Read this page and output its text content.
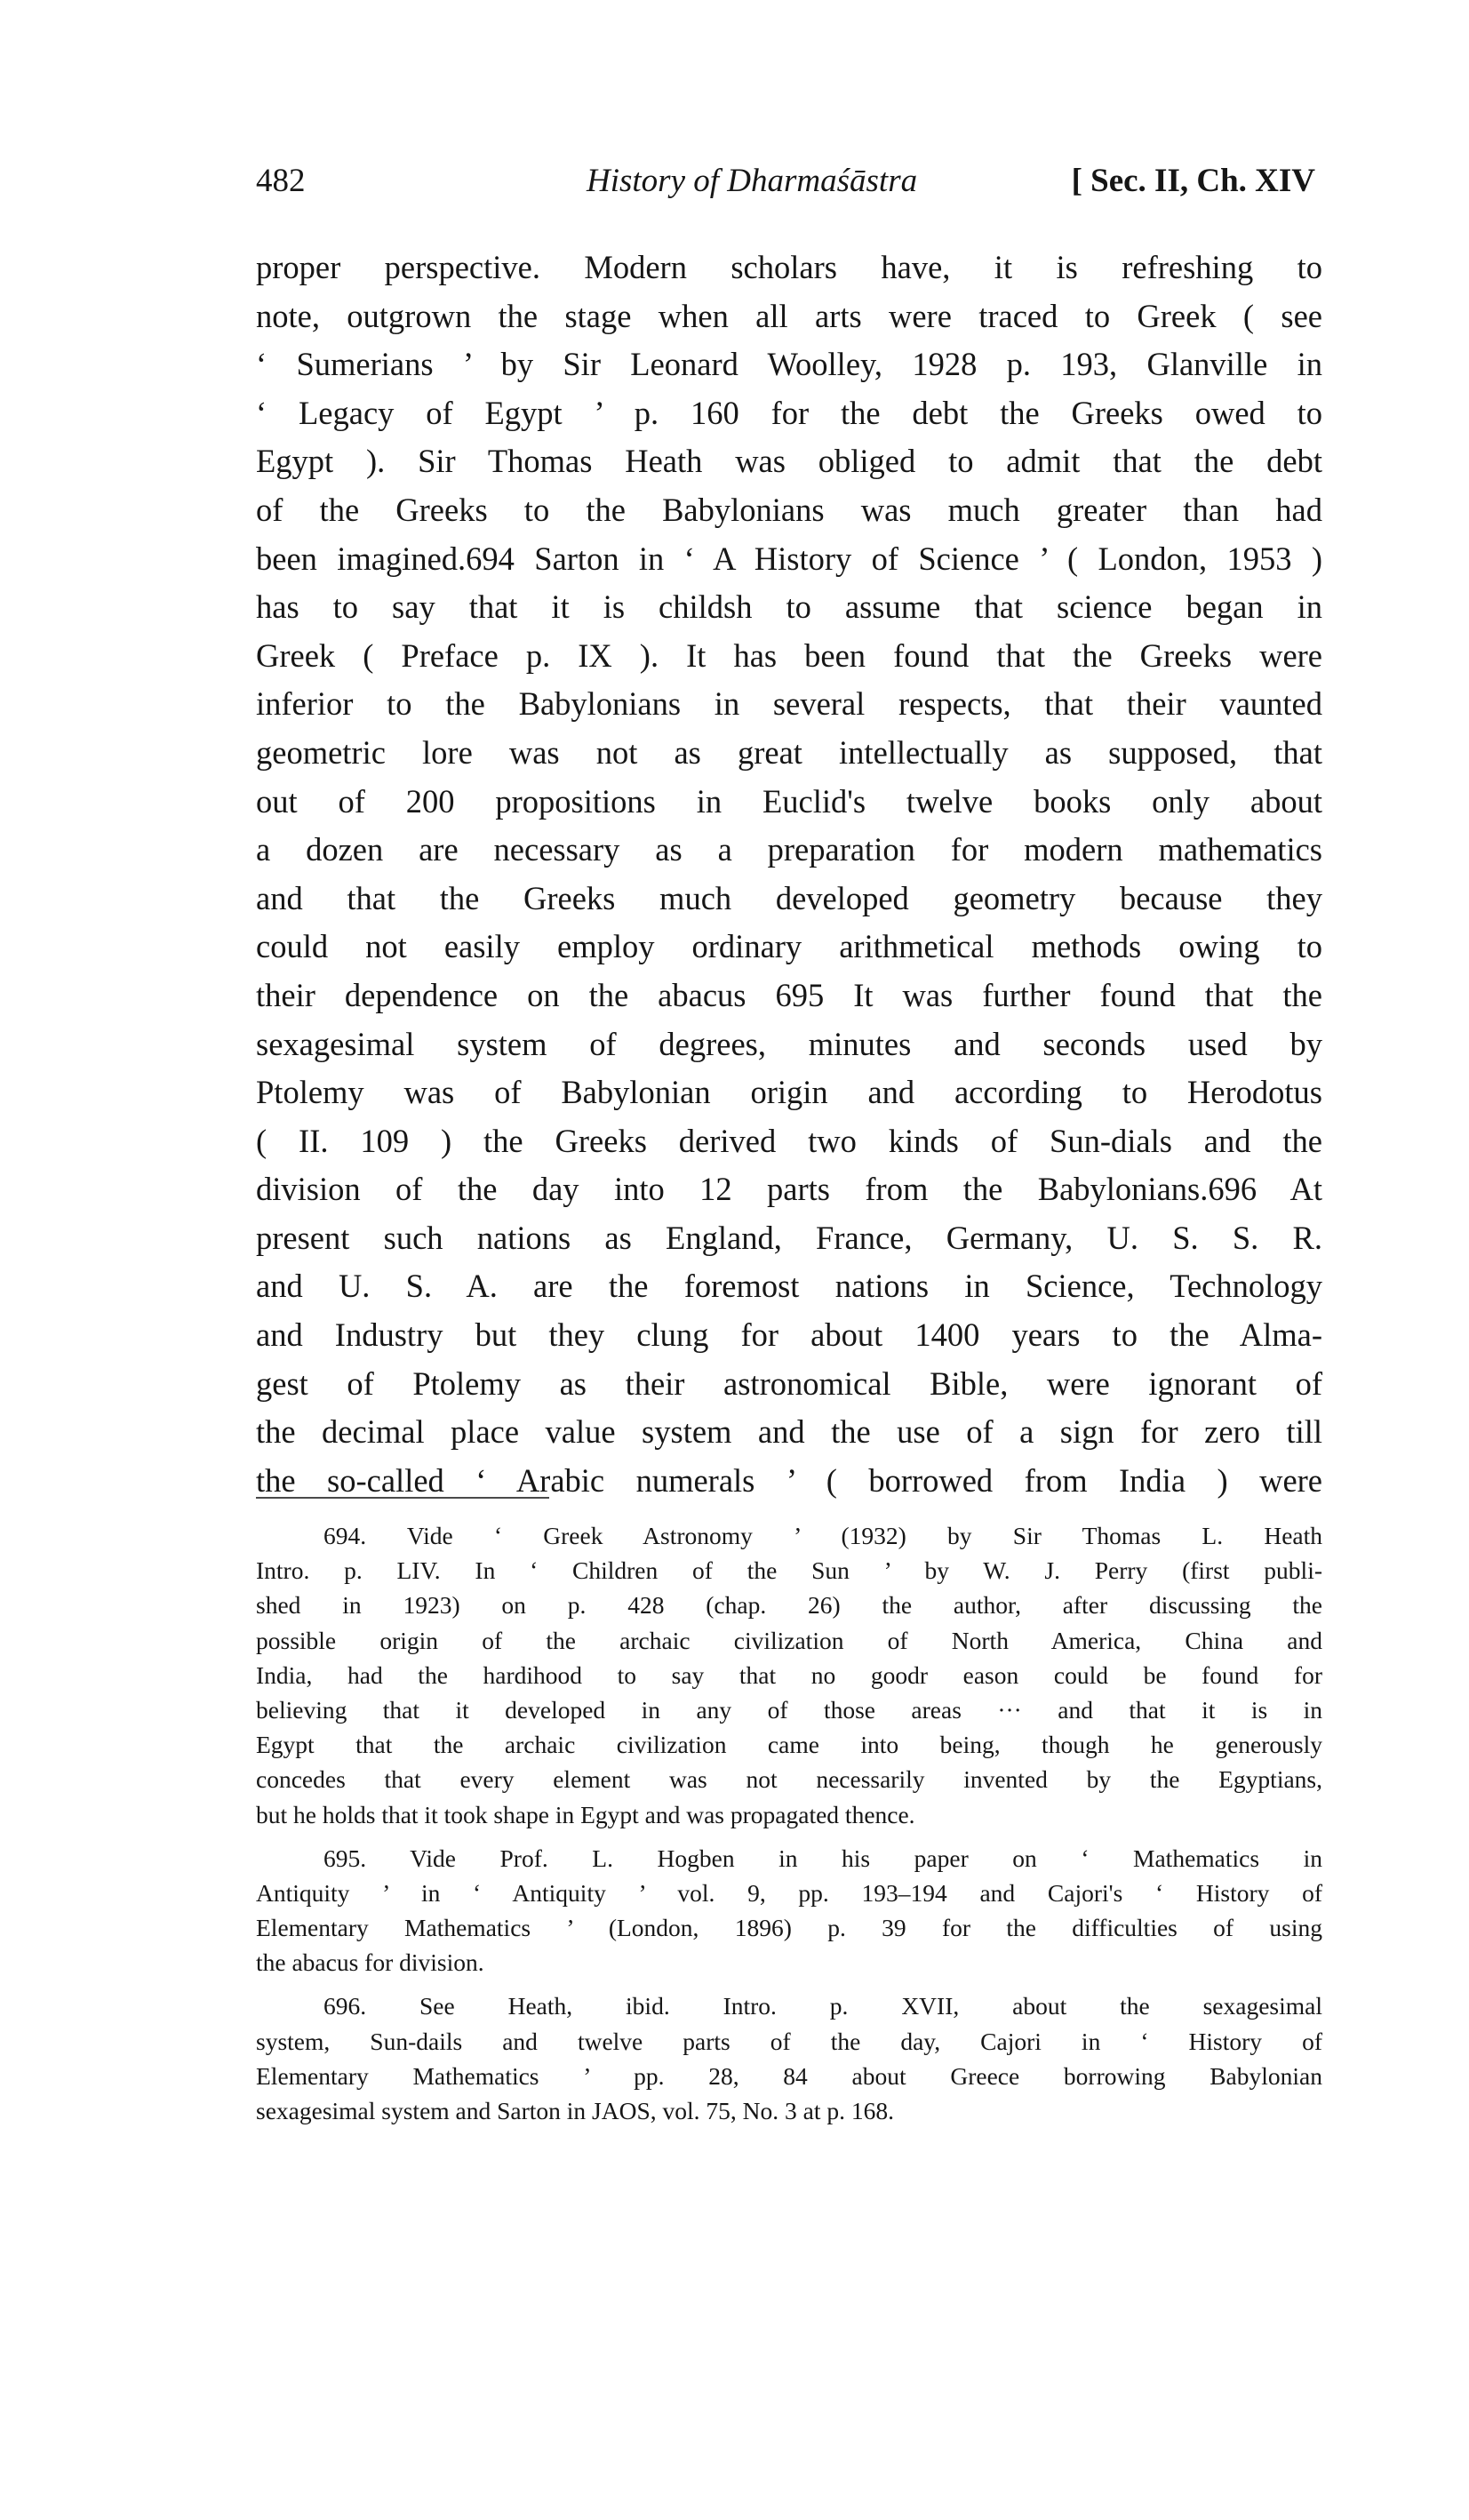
482	History of Dharmaśāstra	[ Sec. II, Ch. XIV
proper perspective. Modern scholars have, it is refreshing to
note, outgrown the stage when all arts were traced to Greek ( see
‘ Sumerians ’ by Sir Leonard Woolley, 1928 p. 193, Glanville in
‘ Legacy of Egypt ’ p. 160 for the debt the Greeks owed to
Egypt ). Sir Thomas Heath was obliged to admit that the debt
of the Greeks to the Babylonians was much greater than had
been imagined.694 Sarton in ‘ A History of Science ’ ( London, 1953 )
has to say that it is childsh to assume that science began in
Greek ( Preface p. IX ). It has been found that the Greeks were
inferior to the Babylonians in several respects, that their vaunted
geometric lore was not as great intellectually as supposed, that
out of 200 propositions in Euclid's twelve books only about
a dozen are necessary as a preparation for modern mathematics
and that the Greeks much developed geometry because they
could not easily employ ordinary arithmetical methods owing to
their dependence on the abacus 695 It was further found that the
sexagesimal system of degrees, minutes and seconds used by
Ptolemy was of Babylonian origin and according to Herodotus
( II. 109 ) the Greeks derived two kinds of Sun-dials and the
division of the day into 12 parts from the Babylonians.696 At
present such nations as England, France, Germany, U. S. S. R.
and U. S. A. are the foremost nations in Science, Technology
and Industry but they clung for about 1400 years to the Alma-
gest of Ptolemy as their astronomical Bible, were ignorant of
the decimal place value system and the use of a sign for zero till
the so-called ‘ Arabic numerals ’ ( borrowed from India ) were
694. Vide ‘ Greek Astronomy ’ (1932) by Sir Thomas L. Heath
Intro. p. LIV. In ‘ Children of the Sun ’ by W. J. Perry (first publi-
shed in 1923) on p. 428 (chap. 26) the author, after discussing the
possible origin of the archaic civilization of North America, China and
India, had the hardihood to say that no goodr eason could be found for
believing that it developed in any of those areas ··· and that it is in
Egypt that the archaic civilization came into being, though he generously
concedes that every element was not necessarily invented by the Egyptians,
but he holds that it took shape in Egypt and was propagated thence.
695. Vide Prof. L. Hogben in his paper on ‘ Mathematics in
Antiquity ’ in ‘ Antiquity ’ vol. 9, pp. 193–194 and Cajori's ‘ History of
Elementary Mathematics ’ (London, 1896) p. 39 for the difficulties of using
the abacus for division.
696. See Heath, ibid. Intro. p. XVII, about the sexagesimal
system, Sun-dails and twelve parts of the day, Cajori in ‘ History of
Elementary Mathematics ’ pp. 28, 84 about Greece borrowing Babylonian
sexagesimal system and Sarton in JAOS, vol. 75, No. 3 at p. 168.
